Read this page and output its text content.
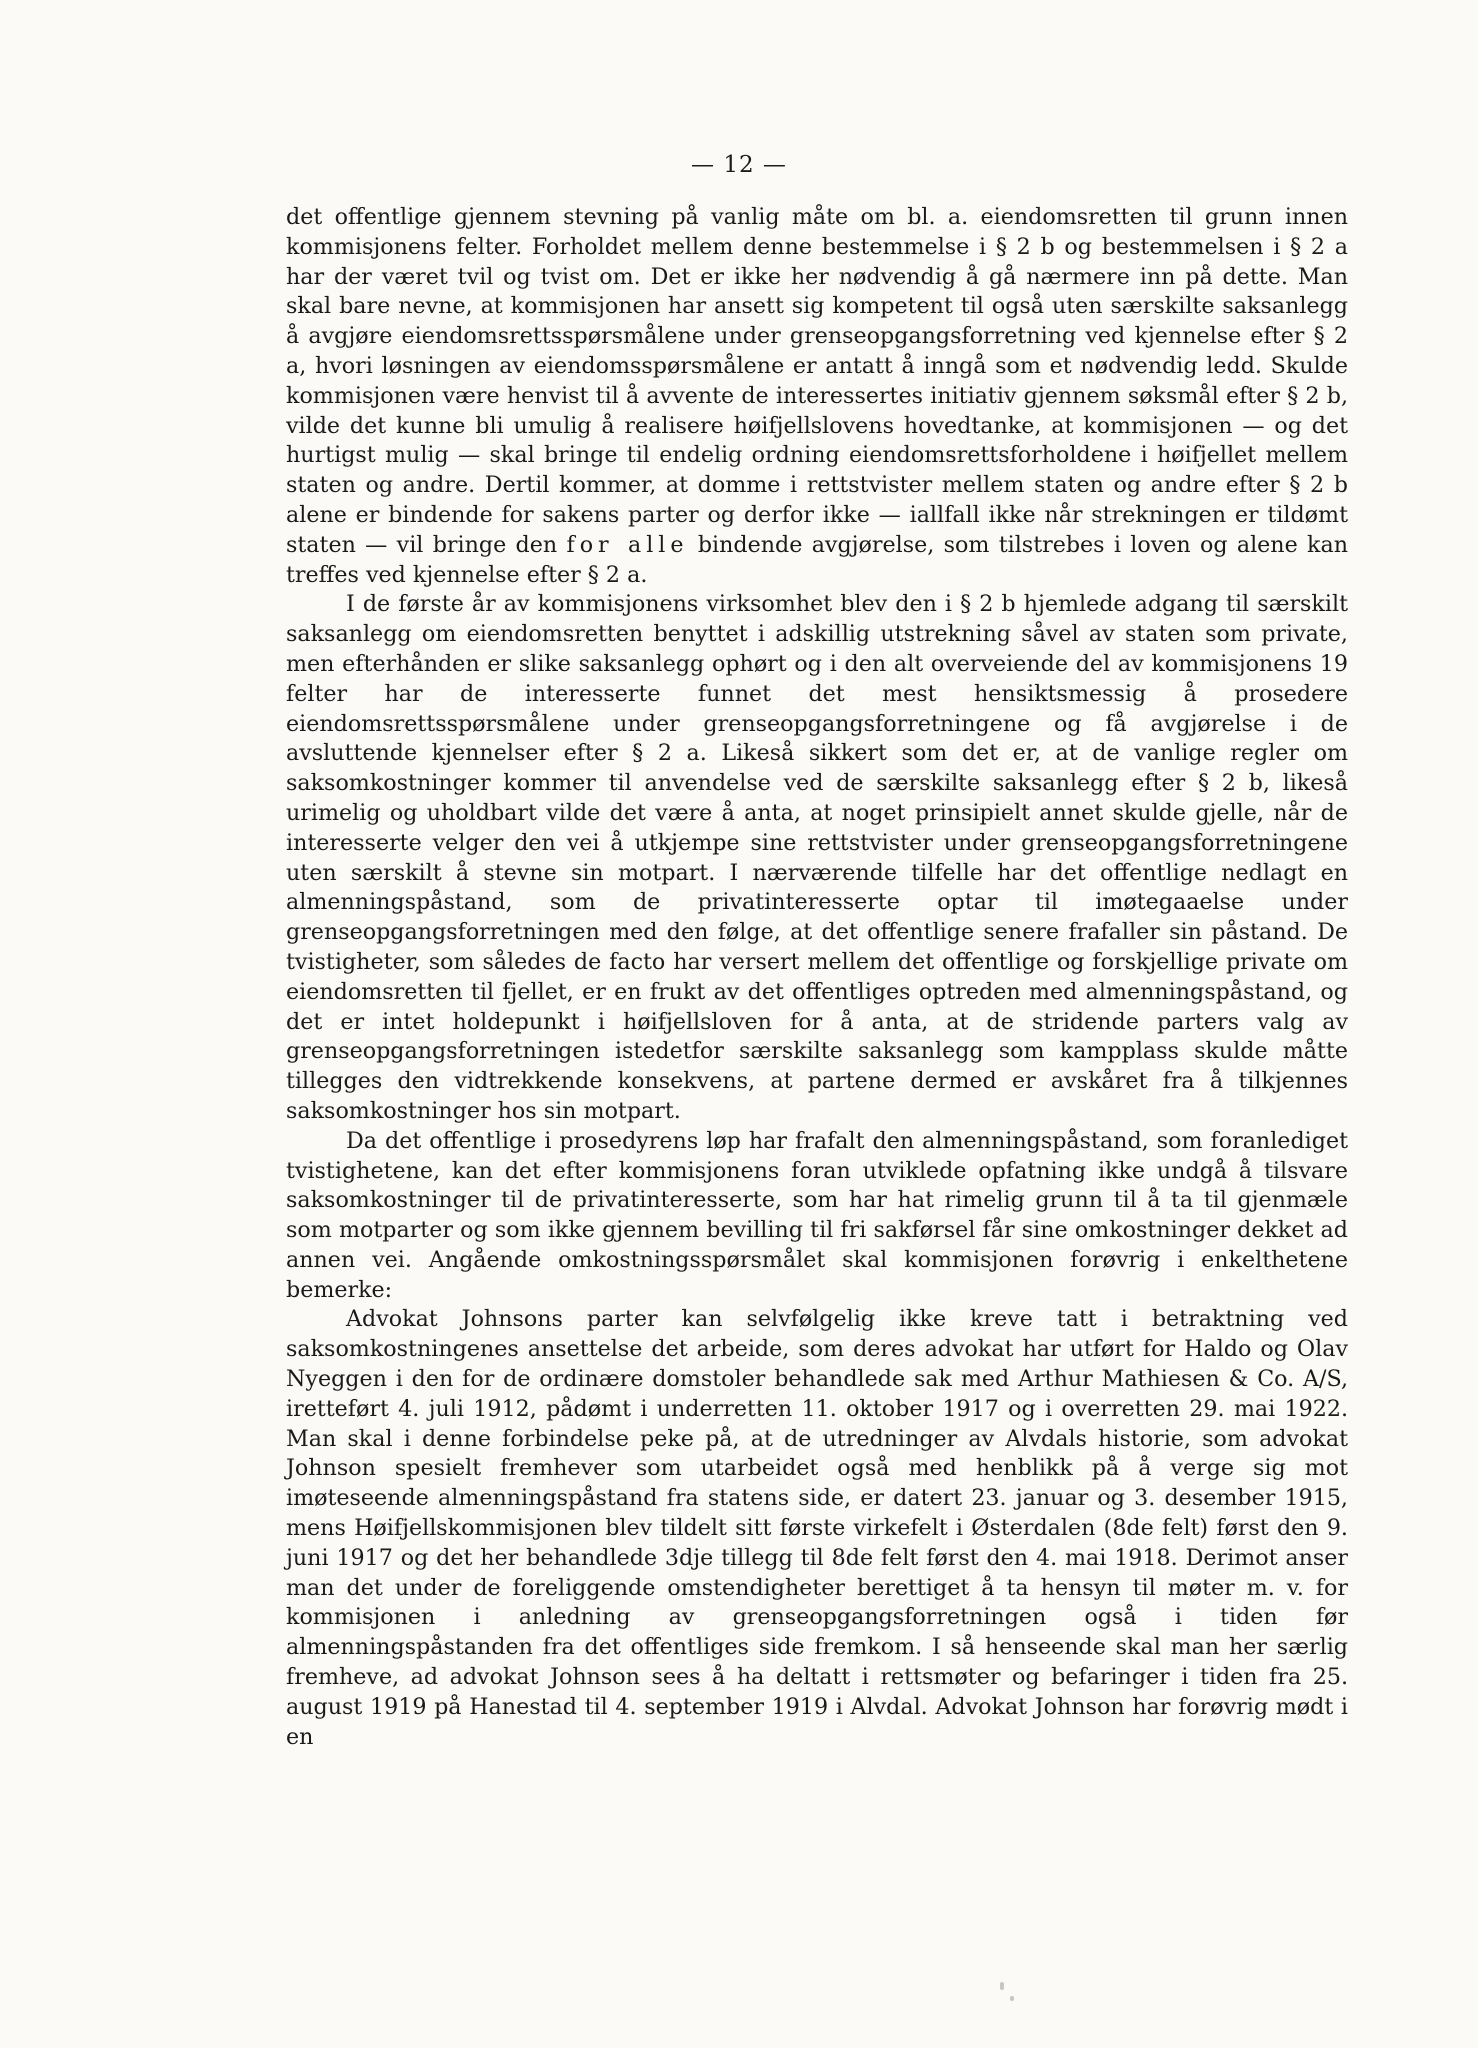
— 12 —

det offentlige gjennem stevning på vanlig måte om bl. a. eiendomsretten til grunn innen kommisjonens felter. Forholdet mellem denne bestemmelse i § 2 b og bestemmelsen i § 2 a har der været tvil og tvist om. Det er ikke her nødvendig å gå nærmere inn på dette. Man skal bare nevne, at kommisjonen har ansett sig kompetent til også uten særskilte saksanlegg å avgjøre eiendomsrettsspørsmålene under grenseopgangsforretning ved kjennelse efter § 2 a, hvori løsningen av eiendomsspørsmålene er antatt å inngå som et nødvendig ledd. Skulde kommisjonen være henvist til å avvente de interessertes initiativ gjennem søksmål efter § 2 b, vilde det kunne bli umulig å realisere høifjellslovens hovedtanke, at kommisjonen — og det hurtigst mulig — skal bringe til endelig ordning eiendomsrettsforholdene i høifjellet mellem staten og andre. Dertil kommer, at domme i rettstvister mellem staten og andre efter § 2 b alene er bindende for sakens parter og derfor ikke — iallfall ikke når strekningen er tildømt staten — vil bringe den for alle bindende avgjørelse, som tilstrebes i loven og alene kan treffes ved kjennelse efter § 2 a.

I de første år av kommisjonens virksomhet blev den i § 2 b hjemlede adgang til særskilt saksanlegg om eiendomsretten benyttet i adskillig utstrekning såvel av staten som private, men efterhånden er slike saksanlegg ophørt og i den alt overveiende del av kommisjonens 19 felter har de interesserte funnet det mest hensiktsmessig å prosedere eiendomsrettsspørsmålene under grenseopgangsforretningene og få avgjørelse i de avsluttende kjennelser efter § 2 a. Likeså sikkert som det er, at de vanlige regler om saksomkostninger kommer til anvendelse ved de særskilte saksanlegg efter § 2 b, likeså urimelig og uholdbart vilde det være å anta, at noget prinsipielt annet skulde gjelle, når de interesserte velger den vei å utkjempe sine rettstvister under grenseopgangsforretningene uten særskilt å stevne sin motpart. I nærværende tilfelle har det offentlige nedlagt en almenningspåstand, som de privatinteresserte optar til imøtegaaelse under grenseopgangsforretningen med den følge, at det offentlige senere frafaller sin påstand. De tvistigheter, som således de facto har versert mellem det offentlige og forskjellige private om eiendomsretten til fjellet, er en frukt av det offentliges optreden med almenningspåstand, og det er intet holdepunkt i høifjellsloven for å anta, at de stridende parters valg av grenseopgangsforretningen istedetfor særskilte saksanlegg som kampplass skulde måtte tillegges den vidtrekkende konsekvens, at partene dermed er avskåret fra å tilkjennes saksomkostninger hos sin motpart.

Da det offentlige i prosedyrens løp har frafalt den almenningspåstand, som foranlediget tvistighetene, kan det efter kommisjonens foran utviklede opfatning ikke undgå å tilsvare saksomkostninger til de privatinteresserte, som har hat rimelig grunn til å ta til gjenmæle som motparter og som ikke gjennem bevilling til fri sakførsel får sine omkostninger dekket ad annen vei. Angående omkostningsspørsmålet skal kommisjonen forøvrig i enkelthetene bemerke:

Advokat Johnsons parter kan selvfølgelig ikke kreve tatt i betraktning ved saksomkostningenes ansettelse det arbeide, som deres advokat har utført for Haldo og Olav Nyeggen i den for de ordinære domstoler behandlede sak med Arthur Mathiesen & Co. A/S, iretteført 4. juli 1912, pådømt i underretten 11. oktober 1917 og i overretten 29. mai 1922. Man skal i denne forbindelse peke på, at de utredninger av Alvdals historie, som advokat Johnson spesielt fremhever som utarbeidet også med henblikk på å verge sig mot imøteseende almenningspåstand fra statens side, er datert 23. januar og 3. desember 1915, mens Høifjellskommisjonen blev tildelt sitt første virkefelt i Østerdalen (8de felt) først den 9. juni 1917 og det her behandlede 3dje tillegg til 8de felt først den 4. mai 1918. Derimot anser man det under de foreliggende omstendigheter berettiget å ta hensyn til møter m. v. for kommisjonen i anledning av grenseopgangsforretningen også i tiden før almenningspåstanden fra det offentliges side fremkom. I så henseende skal man her særlig fremheve, ad advokat Johnson sees å ha deltatt i rettsmøter og befaringer i tiden fra 25. august 1919 på Hanestad til 4. september 1919 i Alvdal. Advokat Johnson har forøvrig mødt i en
